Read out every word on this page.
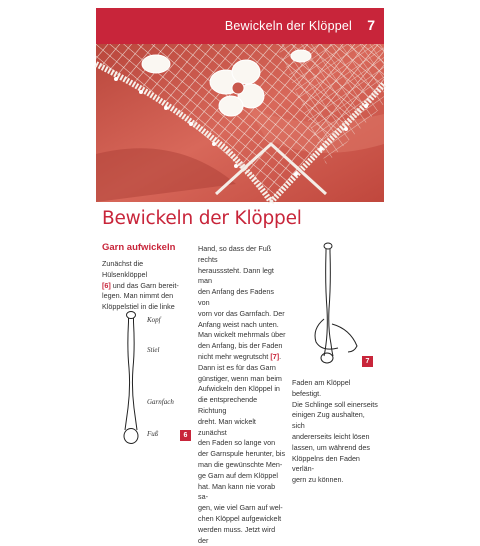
Bewickeln der Klöppel 7
Bewickeln der Klöppel
Garn aufwickeln
Zunächst die Hülsenklöppel
[6] und das Garn bereit-
legen. Man nimmt den
Klöppelstiel in die linke
Kopf
Stiel
Garnfach
Fuß	6
Hand, so dass der Fuß rechts
herausssteht. Dann legt man
den Anfang des Fadens von
vorn vor das Garnfach. Der
Anfang weist nach unten.
Man wickelt mehrmals über
den Anfang, bis der Faden
nicht mehr wegrutscht [7].
Dann ist es für das Garn
günstiger, wenn man beim
Aufwickeln den Klöppel in
die entsprechende Richtung
dreht. Man wickelt zunächst
den Faden so lange von
der Garnspule herunter, bis
man die gewünschte Men-
ge Garn auf dem Klöppel
hat. Man kann nie vorab sa-
gen, wie viel Garn auf wel-
chen Klöppel aufgewickelt
werden muss. Jetzt wird der
7
Faden am Klöppel befestigt.
Die Schlinge soll einerseits
einigen Zug aushalten, sich
andererseits leicht lösen
lassen, um während des
Klöppelns den Faden verlän-
gern zu können.
